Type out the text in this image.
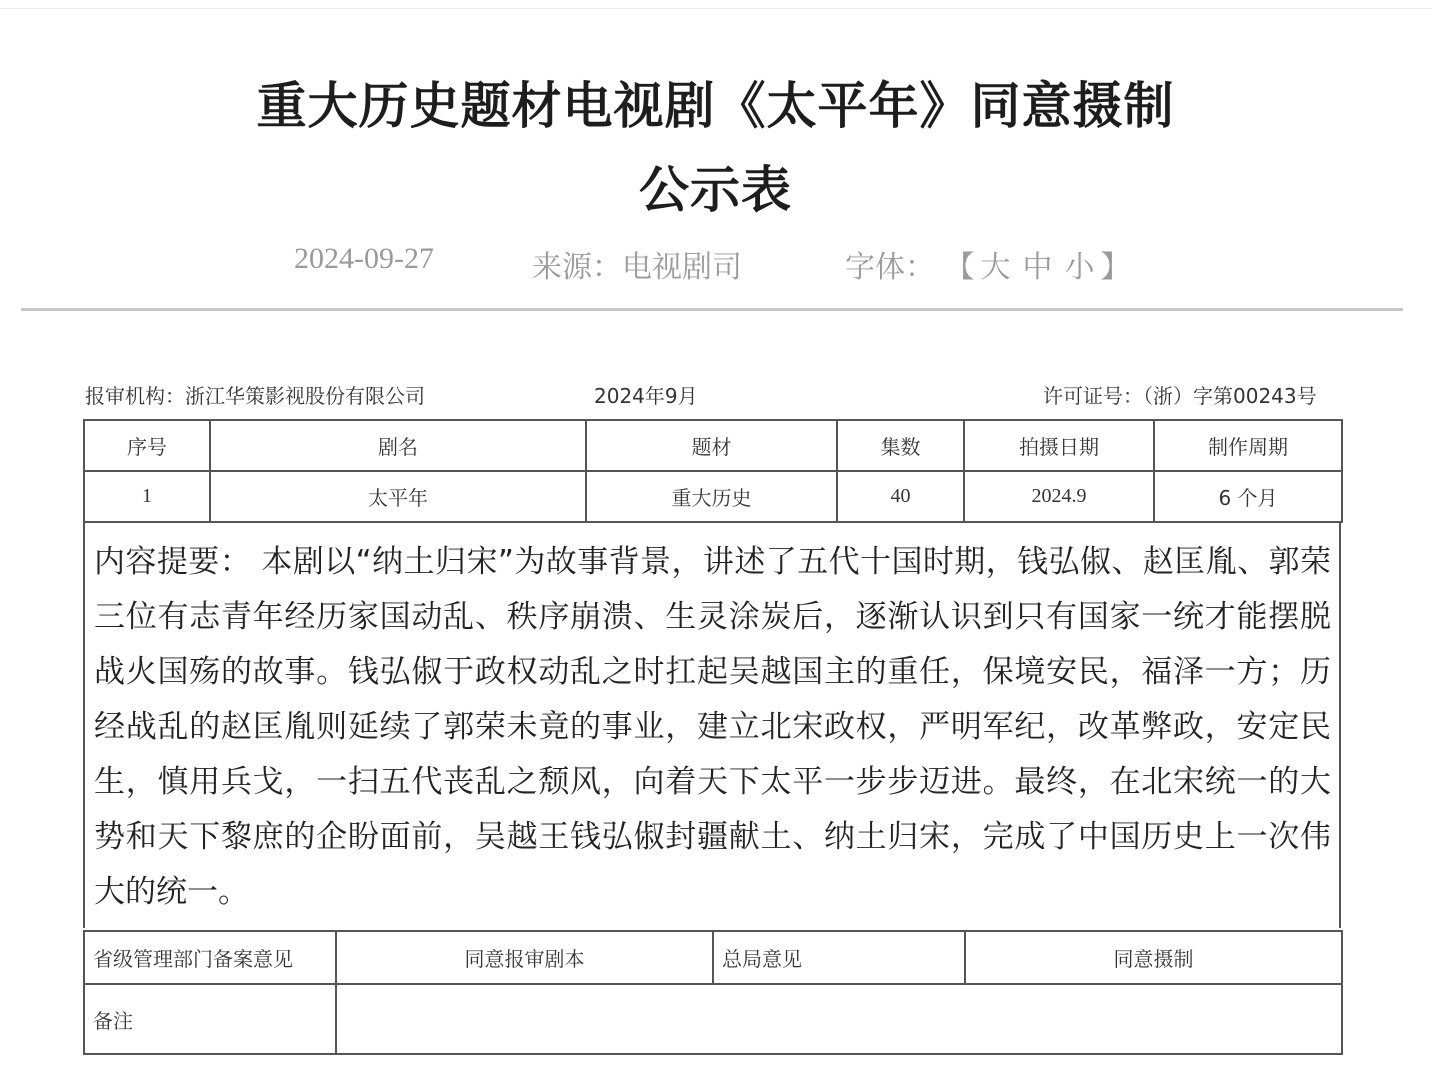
重大历史题材电视剧《太平年》同意摄制
公示表
2024-09-27	来源：电视剧司	字体： 【 大 中 小 】
报审机构：浙江华策影视股份有限公司	2024年9月	许可证号：（浙）字第00243号
序号	剧名	题材	集数	拍摄日期	制作周期
1	太平年	重大历史	40	2024.9	6 个月
内容提要： 本剧以“纳土归宋”为故事背景，讲述了五代十国时期，钱弘俶、赵匡胤、郭荣三位有志青年经历家国动乱、秩序崩溃、生灵涂炭后，逐渐认识到只有国家一统才能摆脱战火国殇的故事。钱弘俶于政权动乱之时扛起吴越国主的重任，保境安民，福泽一方；历经战乱的赵匡胤则延续了郭荣未竟的事业，建立北宋政权，严明军纪，改革弊政，安定民生，慎用兵戈，一扫五代丧乱之颓风，向着天下太平一步步迈进。最终，在北宋统一的大势和天下黎庶的企盼面前，吴越王钱弘俶封疆献土、纳土归宋，完成了中国历史上一次伟大的统一。
省级管理部门备案意见	同意报审剧本	总局意见	同意摄制
备注			
